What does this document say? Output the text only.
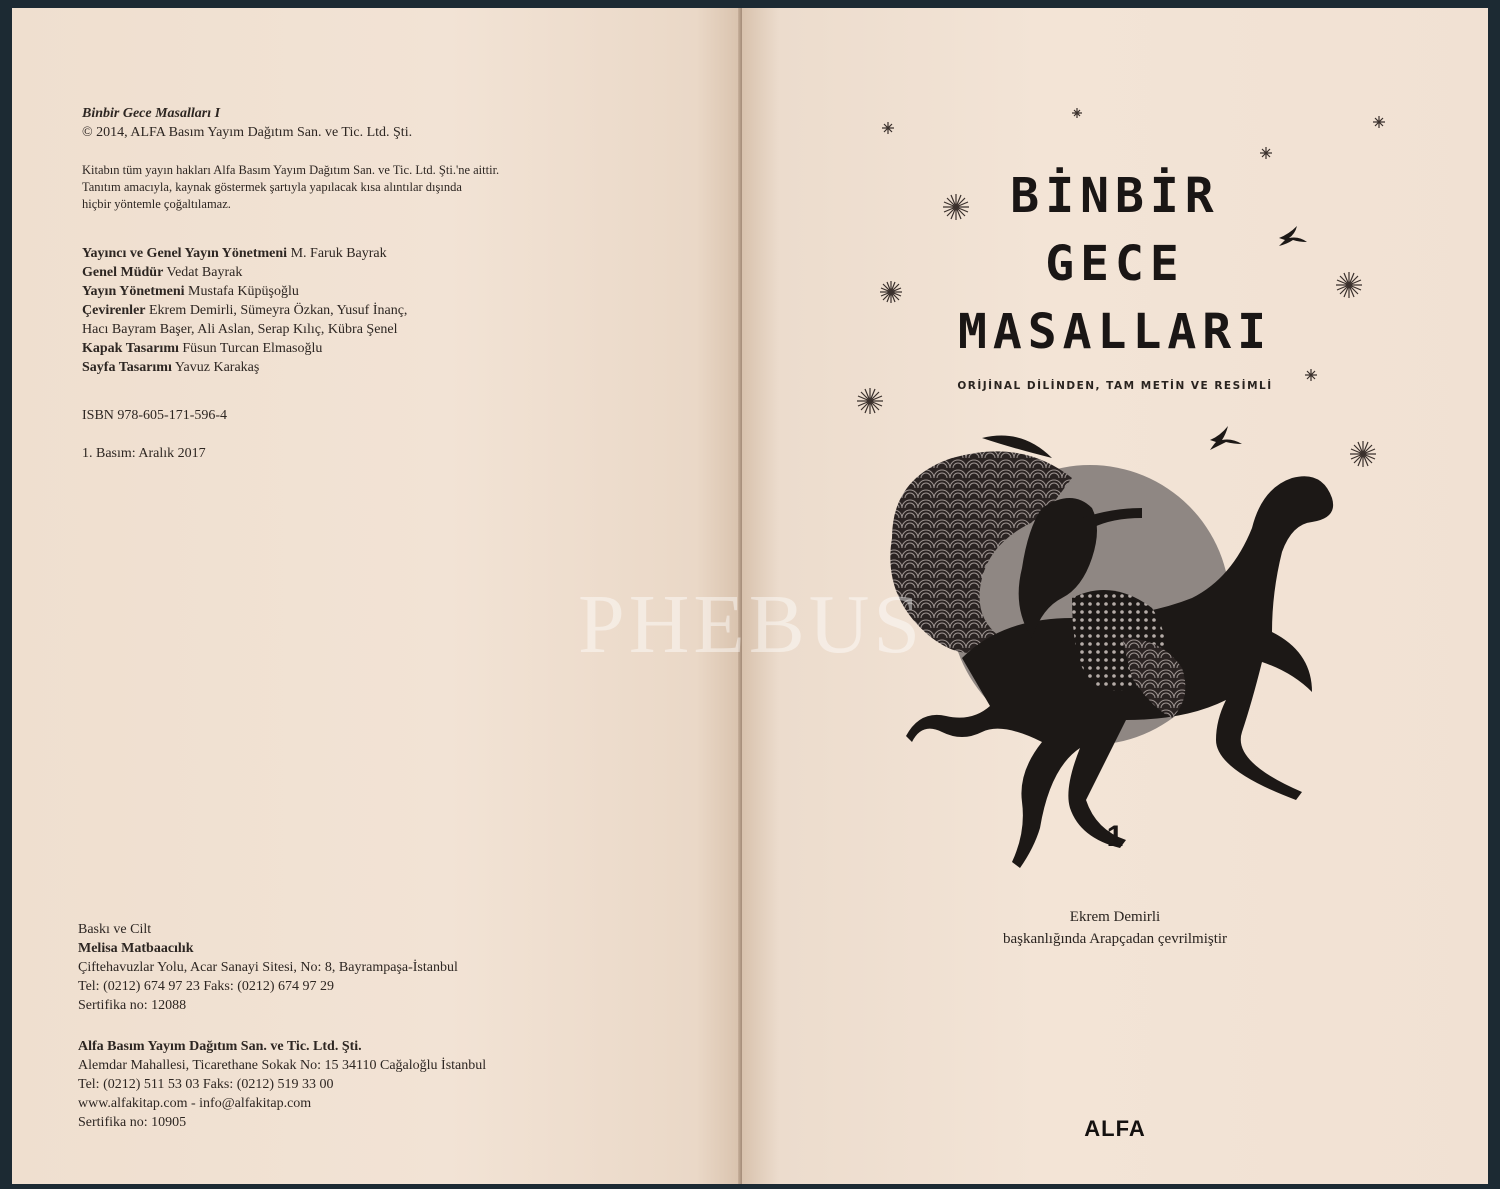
Binbir Gece Masalları I
© 2014, ALFA Basım Yayım Dağıtım San. ve Tic. Ltd. Şti.
Kitabın tüm yayın hakları Alfa Basım Yayım Dağıtım San. ve Tic. Ltd. Şti.'ne aittir.
Tanıtım amacıyla, kaynak göstermek şartıyla yapılacak kısa alıntılar dışında
hiçbir yöntemle çoğaltılamaz.
Yayıncı ve Genel Yayın Yönetmeni M. Faruk Bayrak
Genel Müdür Vedat Bayrak
Yayın Yönetmeni Mustafa Küpüşoğlu
Çevirenler Ekrem Demirli, Sümeyra Özkan, Yusuf İnanç,
Hacı Bayram Başer, Ali Aslan, Serap Kılıç, Kübra Şenel
Kapak Tasarımı Füsun Turcan Elmasoğlu
Sayfa Tasarımı Yavuz Karakaş
ISBN 978-605-171-596-4
1. Basım: Aralık 2017
Baskı ve Cilt
Melisa Matbaacılık
Çiftehavuzlar Yolu, Acar Sanayi Sitesi, No: 8, Bayrampaşa-İstanbul
Tel: (0212) 674 97 23 Faks: (0212) 674 97 29
Sertifika no: 12088
Alfa Basım Yayım Dağıtım San. ve Tic. Ltd. Şti.
Alemdar Mahallesi, Ticarethane Sokak No: 15 34110 Cağaloğlu İstanbul
Tel: (0212) 511 53 03 Faks: (0212) 519 33 00
www.alfakitap.com - info@alfakitap.com
Sertifika no: 10905
BİNBİR
GECE
MASALLARI
ORİJİNAL DİLİNDEN, TAM METİN VE RESİMLİ
1
Ekrem Demirli
başkanlığında Arapçadan çevrilmiştir
ALFA
PHEBUS
